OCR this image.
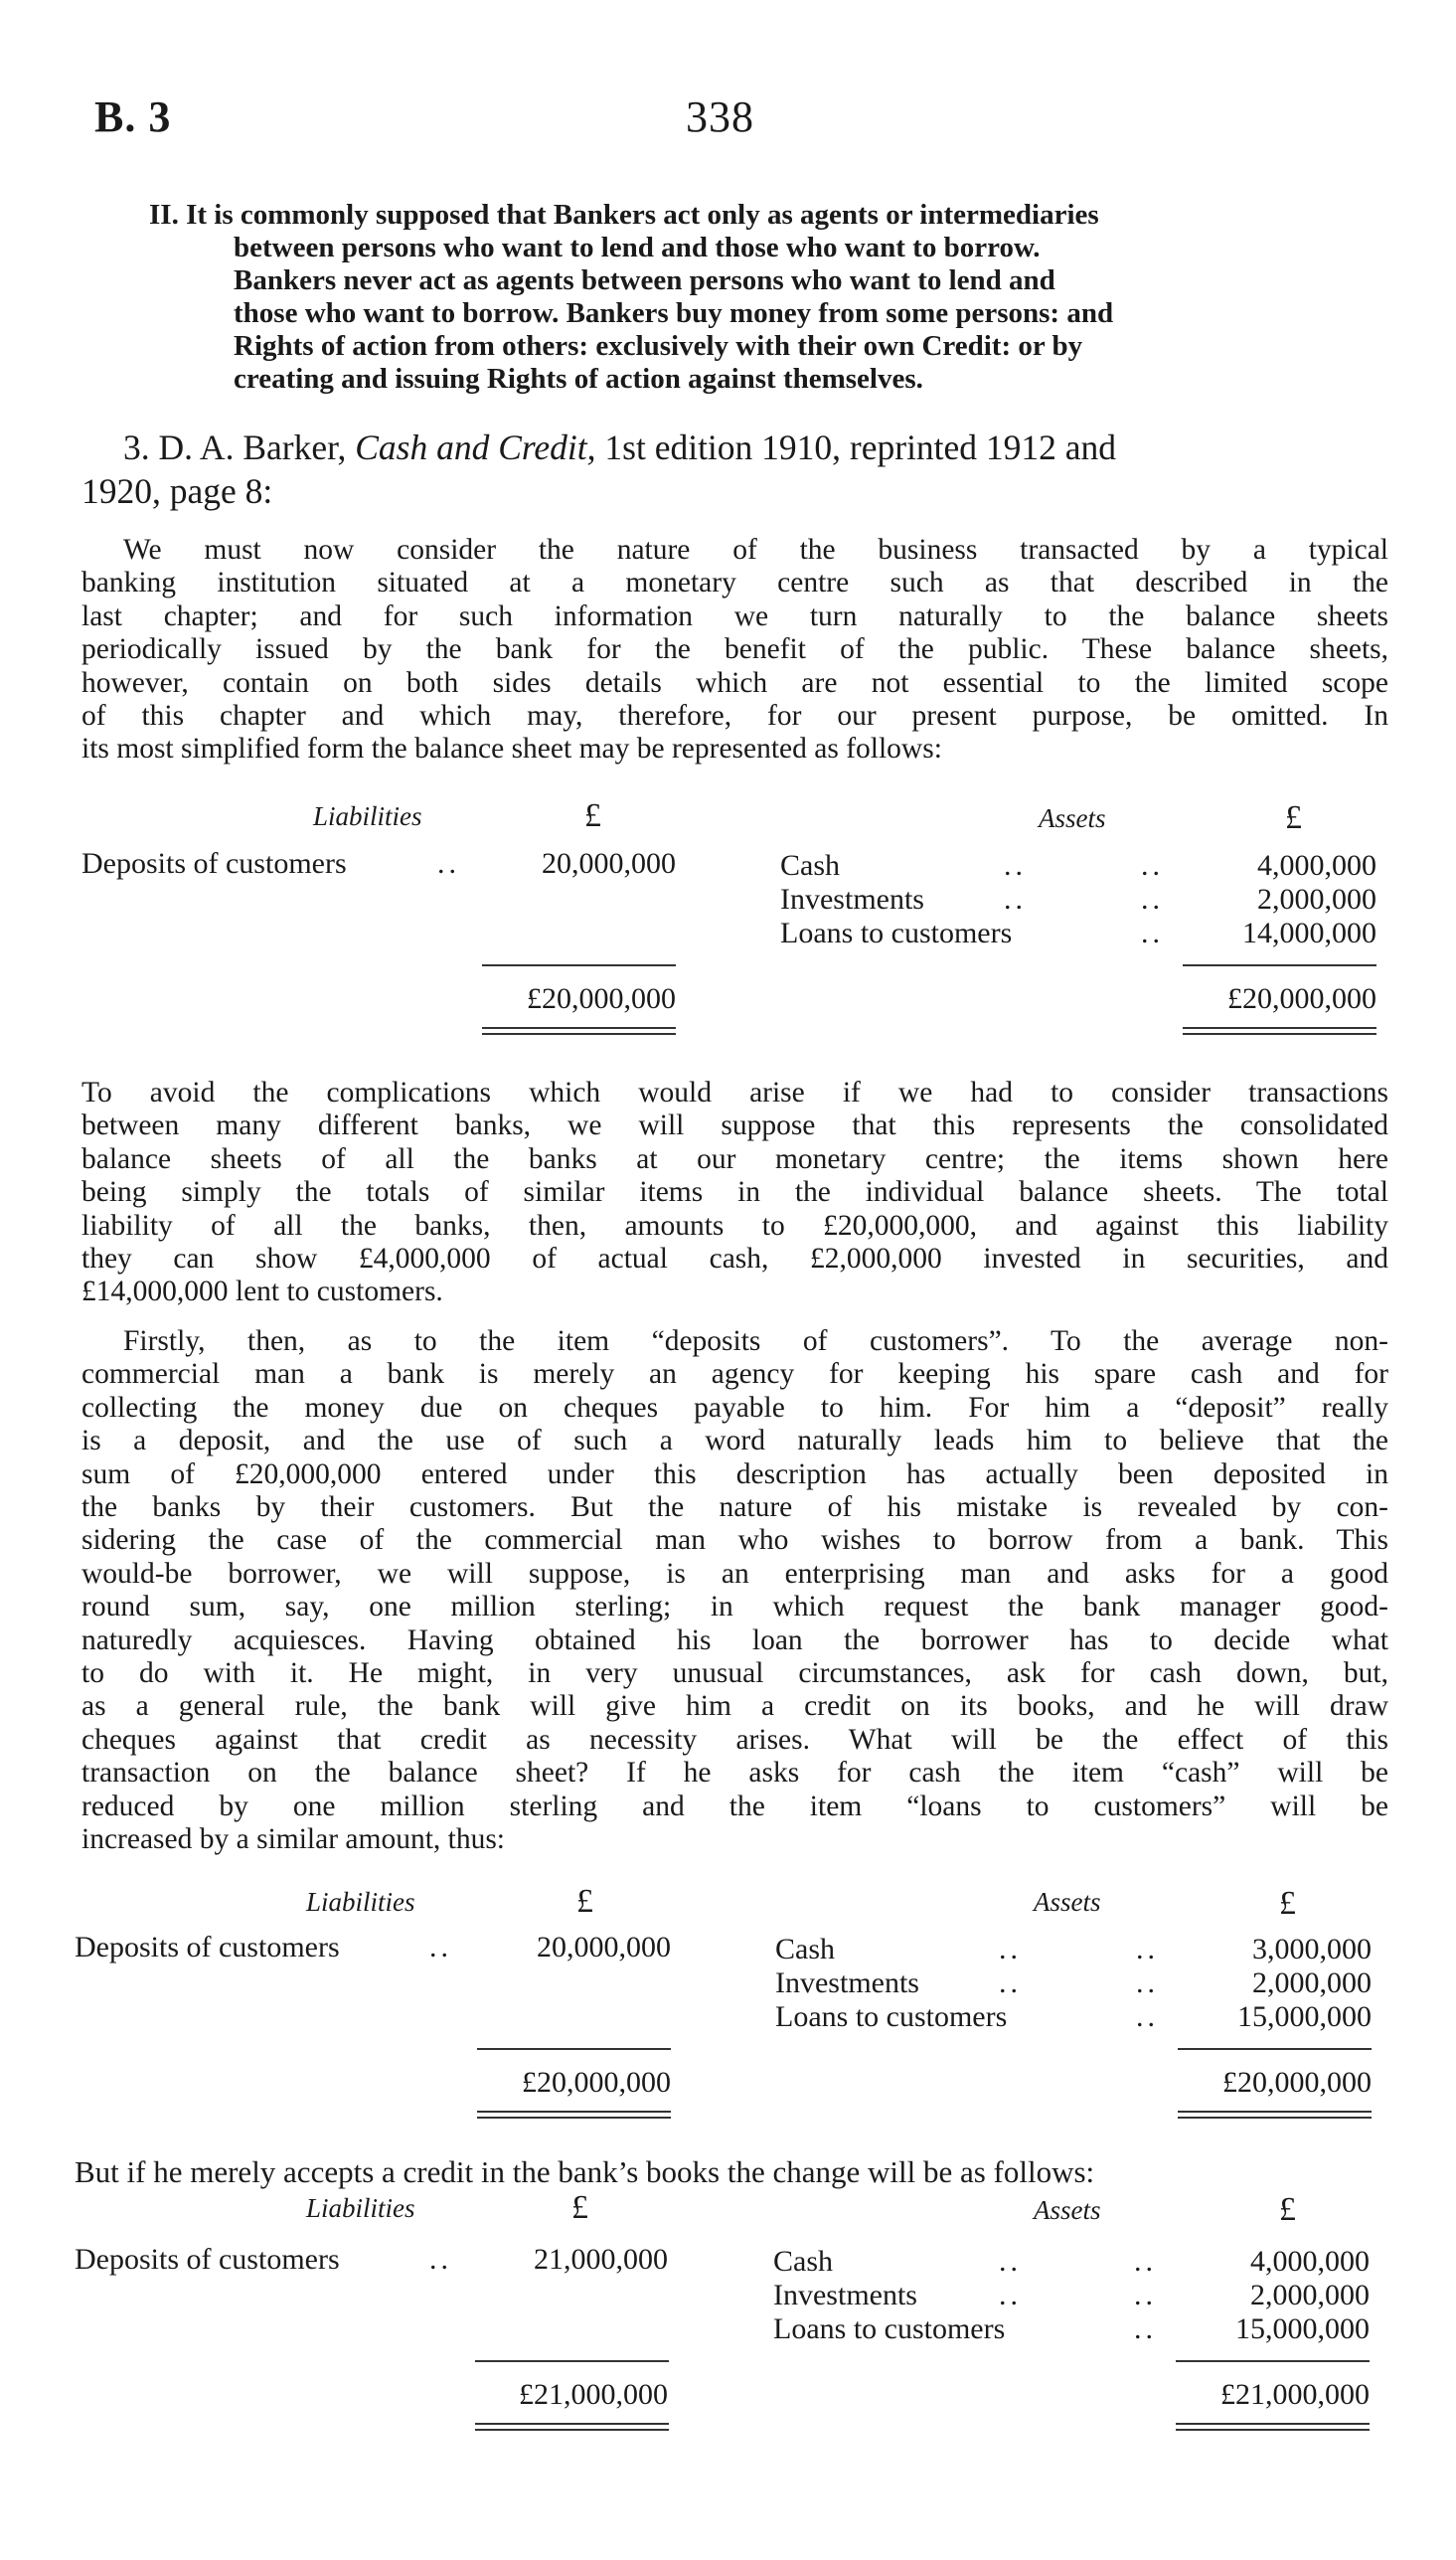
B. 3	338
II. It is commonly supposed that Bankers act only as agents or intermediaries
between persons who want to lend and those who want to borrow.
Bankers never act as agents between persons who want to lend and
those who want to borrow. Bankers buy money from some persons: and
Rights of action from others: exclusively with their own Credit: or by
creating and issuing Rights of action against themselves.
3. D. A. Barker, Cash and Credit, 1st edition 1910, reprinted 1912 and
1920, page 8:
We must now consider the nature of the business transacted by a typical
banking institution situated at a monetary centre such as that described in the
last chapter; and for such information we turn naturally to the balance sheets
periodically issued by the bank for the benefit of the public. These balance sheets,
however, contain on both sides details which are not essential to the limited scope
of this chapter and which may, therefore, for our present purpose, be omitted. In
its most simplified form the balance sheet may be represented as follows:
Liabilities	£	Assets	£
Deposits of customers	..	20,000,000	Cash	..	..	4,000,000
Investments	..	..	2,000,000
Loans to customers	..	14,000,000
£20,000,000	£20,000,000
To avoid the complications which would arise if we had to consider transactions
between many different banks, we will suppose that this represents the consolidated
balance sheets of all the banks at our monetary centre; the items shown here
being simply the totals of similar items in the individual balance sheets. The total
liability of all the banks, then, amounts to £20,000,000, and against this liability
they can show £4,000,000 of actual cash, £2,000,000 invested in securities, and
£14,000,000 lent to customers.
Firstly, then, as to the item “deposits of customers”. To the average non-
commercial man a bank is merely an agency for keeping his spare cash and for
collecting the money due on cheques payable to him. For him a “deposit” really
is a deposit, and the use of such a word naturally leads him to believe that the
sum of £20,000,000 entered under this description has actually been deposited in
the banks by their customers. But the nature of his mistake is revealed by con-
sidering the case of the commercial man who wishes to borrow from a bank. This
would-be borrower, we will suppose, is an enterprising man and asks for a good
round sum, say, one million sterling; in which request the bank manager good-
naturedly acquiesces. Having obtained his loan the borrower has to decide what
to do with it. He might, in very unusual circumstances, ask for cash down, but,
as a general rule, the bank will give him a credit on its books, and he will draw
cheques against that credit as necessity arises. What will be the effect of this
transaction on the balance sheet? If he asks for cash the item “cash” will be
reduced by one million sterling and the item “loans to customers” will be
increased by a similar amount, thus:
Liabilities	£	Assets	£
Deposits of customers	..	20,000,000	Cash	..	..	3,000,000
Investments	..	..	2,000,000
Loans to customers	..	15,000,000
£20,000,000	£20,000,000
But if he merely accepts a credit in the bank’s books the change will be as follows:
Liabilities	£	Assets	£
Deposits of customers	..	21,000,000	Cash	..	..	4,000,000
Investments	..	..	2,000,000
Loans to customers	..	15,000,000
£21,000,000	£21,000,000
